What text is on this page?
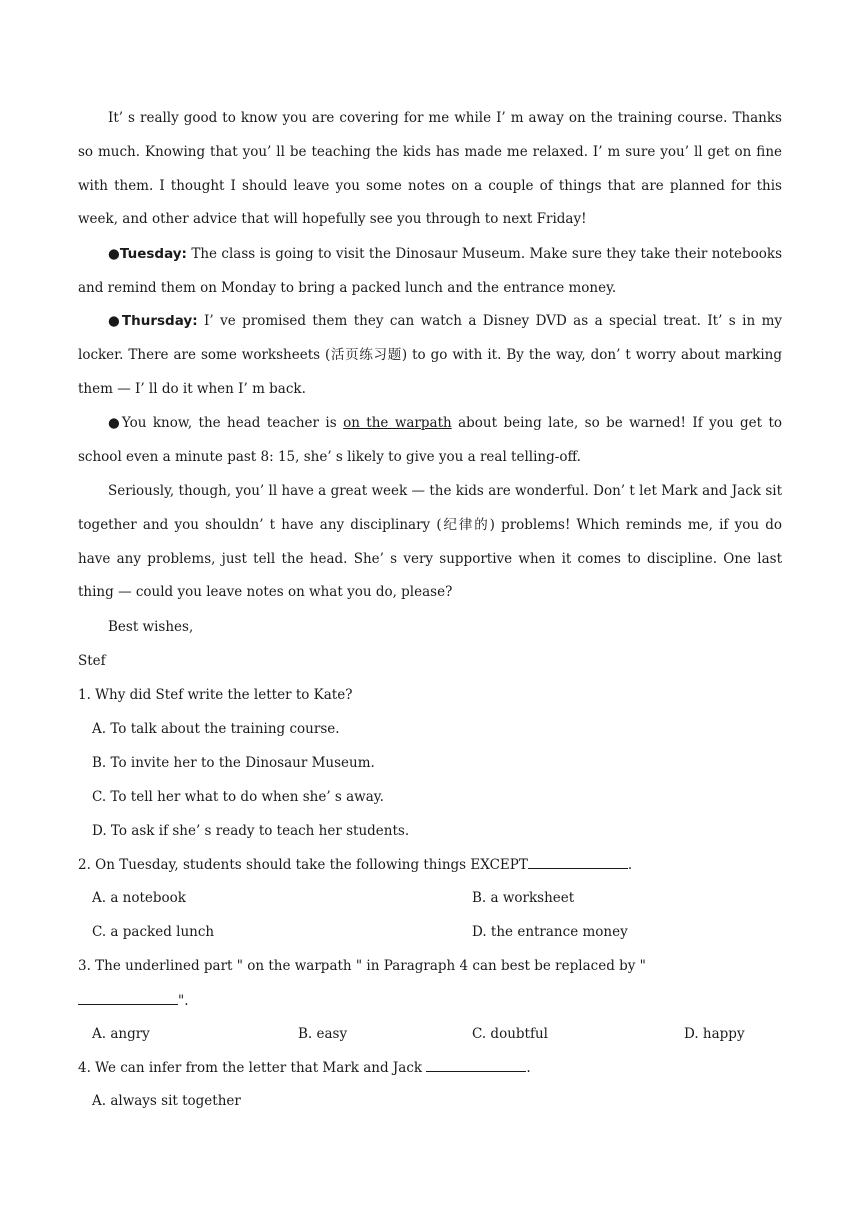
It’ s really good to know you are covering for me while I’ m away on the training course. Thanks so much. Knowing that you’ ll be teaching the kids has made me relaxed. I’ m sure you’ ll get on fine with them. I thought I should leave you some notes on a couple of things that are planned for this week, and other advice that will hopefully see you through to next Friday!

●Tuesday: The class is going to visit the Dinosaur Museum. Make sure they take their notebooks and remind them on Monday to bring a packed lunch and the entrance money.

●Thursday: I’ ve promised them they can watch a Disney DVD as a special treat. It’ s in my locker. There are some worksheets (活页练习题) to go with it. By the way, don’ t worry about marking them — I’ ll do it when I’ m back.

●You know, the head teacher is on the warpath about being late, so be warned! If you get to school even a minute past 8: 15, she’ s likely to give you a real telling-off.

Seriously, though, you’ ll have a great week — the kids are wonderful. Don’ t let Mark and Jack sit together and you shouldn’ t have any disciplinary (纪律的) problems! Which reminds me, if you do have any problems, just tell the head. She’ s very supportive when it comes to discipline. One last thing — could you leave notes on what you do, please?

Best wishes,
Stef
1. Why did Stef write the letter to Kate?
A. To talk about the training course.
B. To invite her to the Dinosaur Museum.
C. To tell her what to do when she’ s away.
D. To ask if she’ s ready to teach her students.
2. On Tuesday, students should take the following things EXCEPT	.
A. a notebook	B. a worksheet
C. a packed lunch	D. the entrance money
3. The underlined part " on the warpath " in Paragraph 4 can best be replaced by "
".
A. angry	B. easy	C. doubtful	D. happy
4. We can infer from the letter that Mark and Jack	.
A. always sit together
